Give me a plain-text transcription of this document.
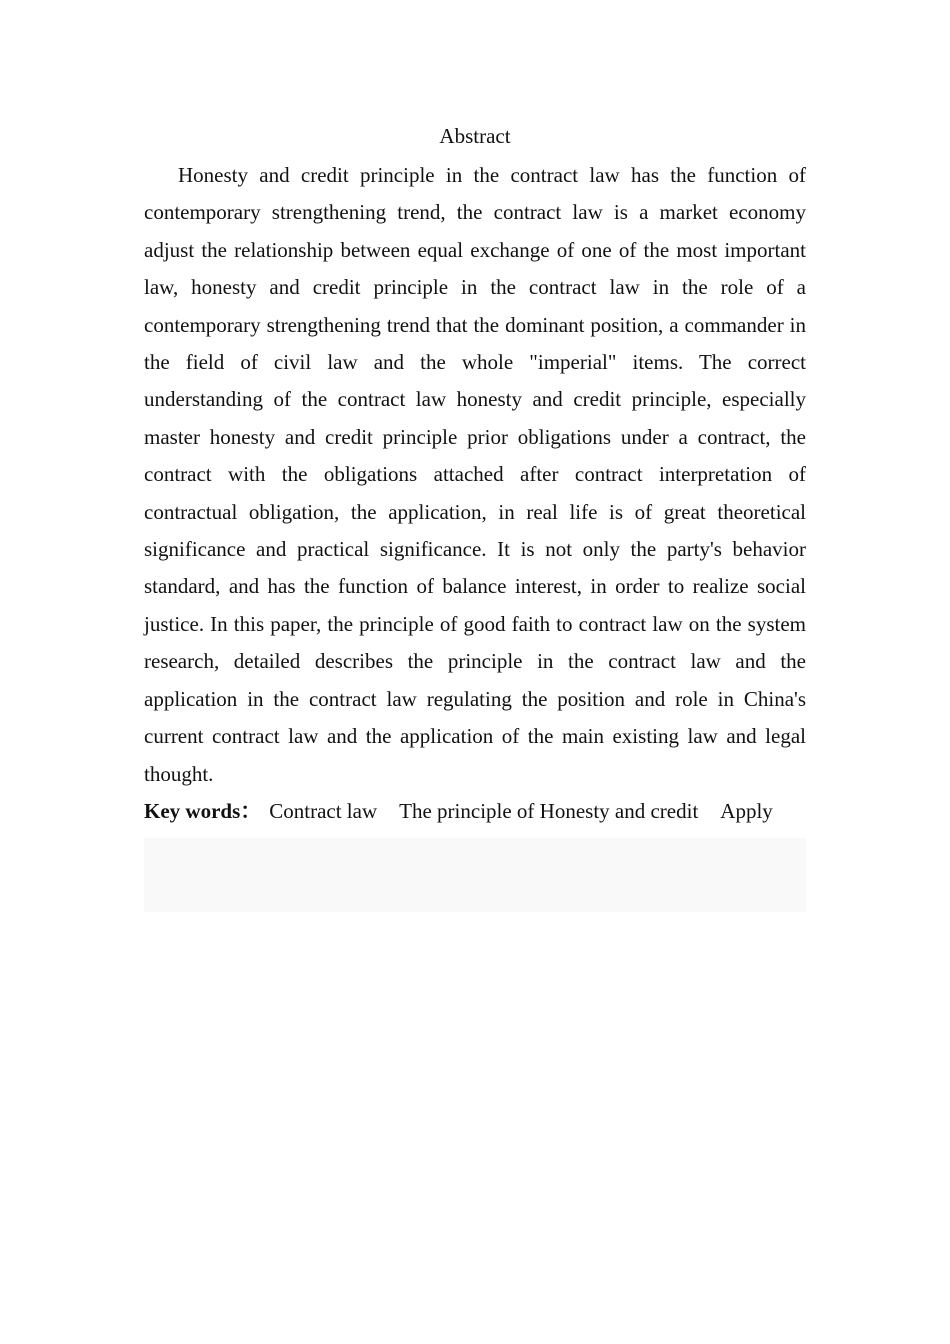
Abstract

Honesty and credit principle in the contract law has the function of contemporary strengthening trend, the contract law is a market economy adjust the relationship between equal exchange of one of the most important law, honesty and credit principle in the contract law in the role of a contemporary strengthening trend that the dominant position, a commander in the field of civil law and the whole "imperial" items. The correct understanding of the contract law honesty and credit principle, especially master honesty and credit principle prior obligations under a contract, the contract with the obligations attached after contract interpretation of contractual obligation, the application, in real life is of great theoretical significance and practical significance. It is not only the party's behavior standard, and has the function of balance interest, in order to realize social justice. In this paper, the principle of good faith to contract law on the system research, detailed describes the principle in the contract law and the application in the contract law regulating the position and role in China's current contract law and the application of the main existing law and legal thought.

Key words： Contract law The principle of Honesty and credit Apply
